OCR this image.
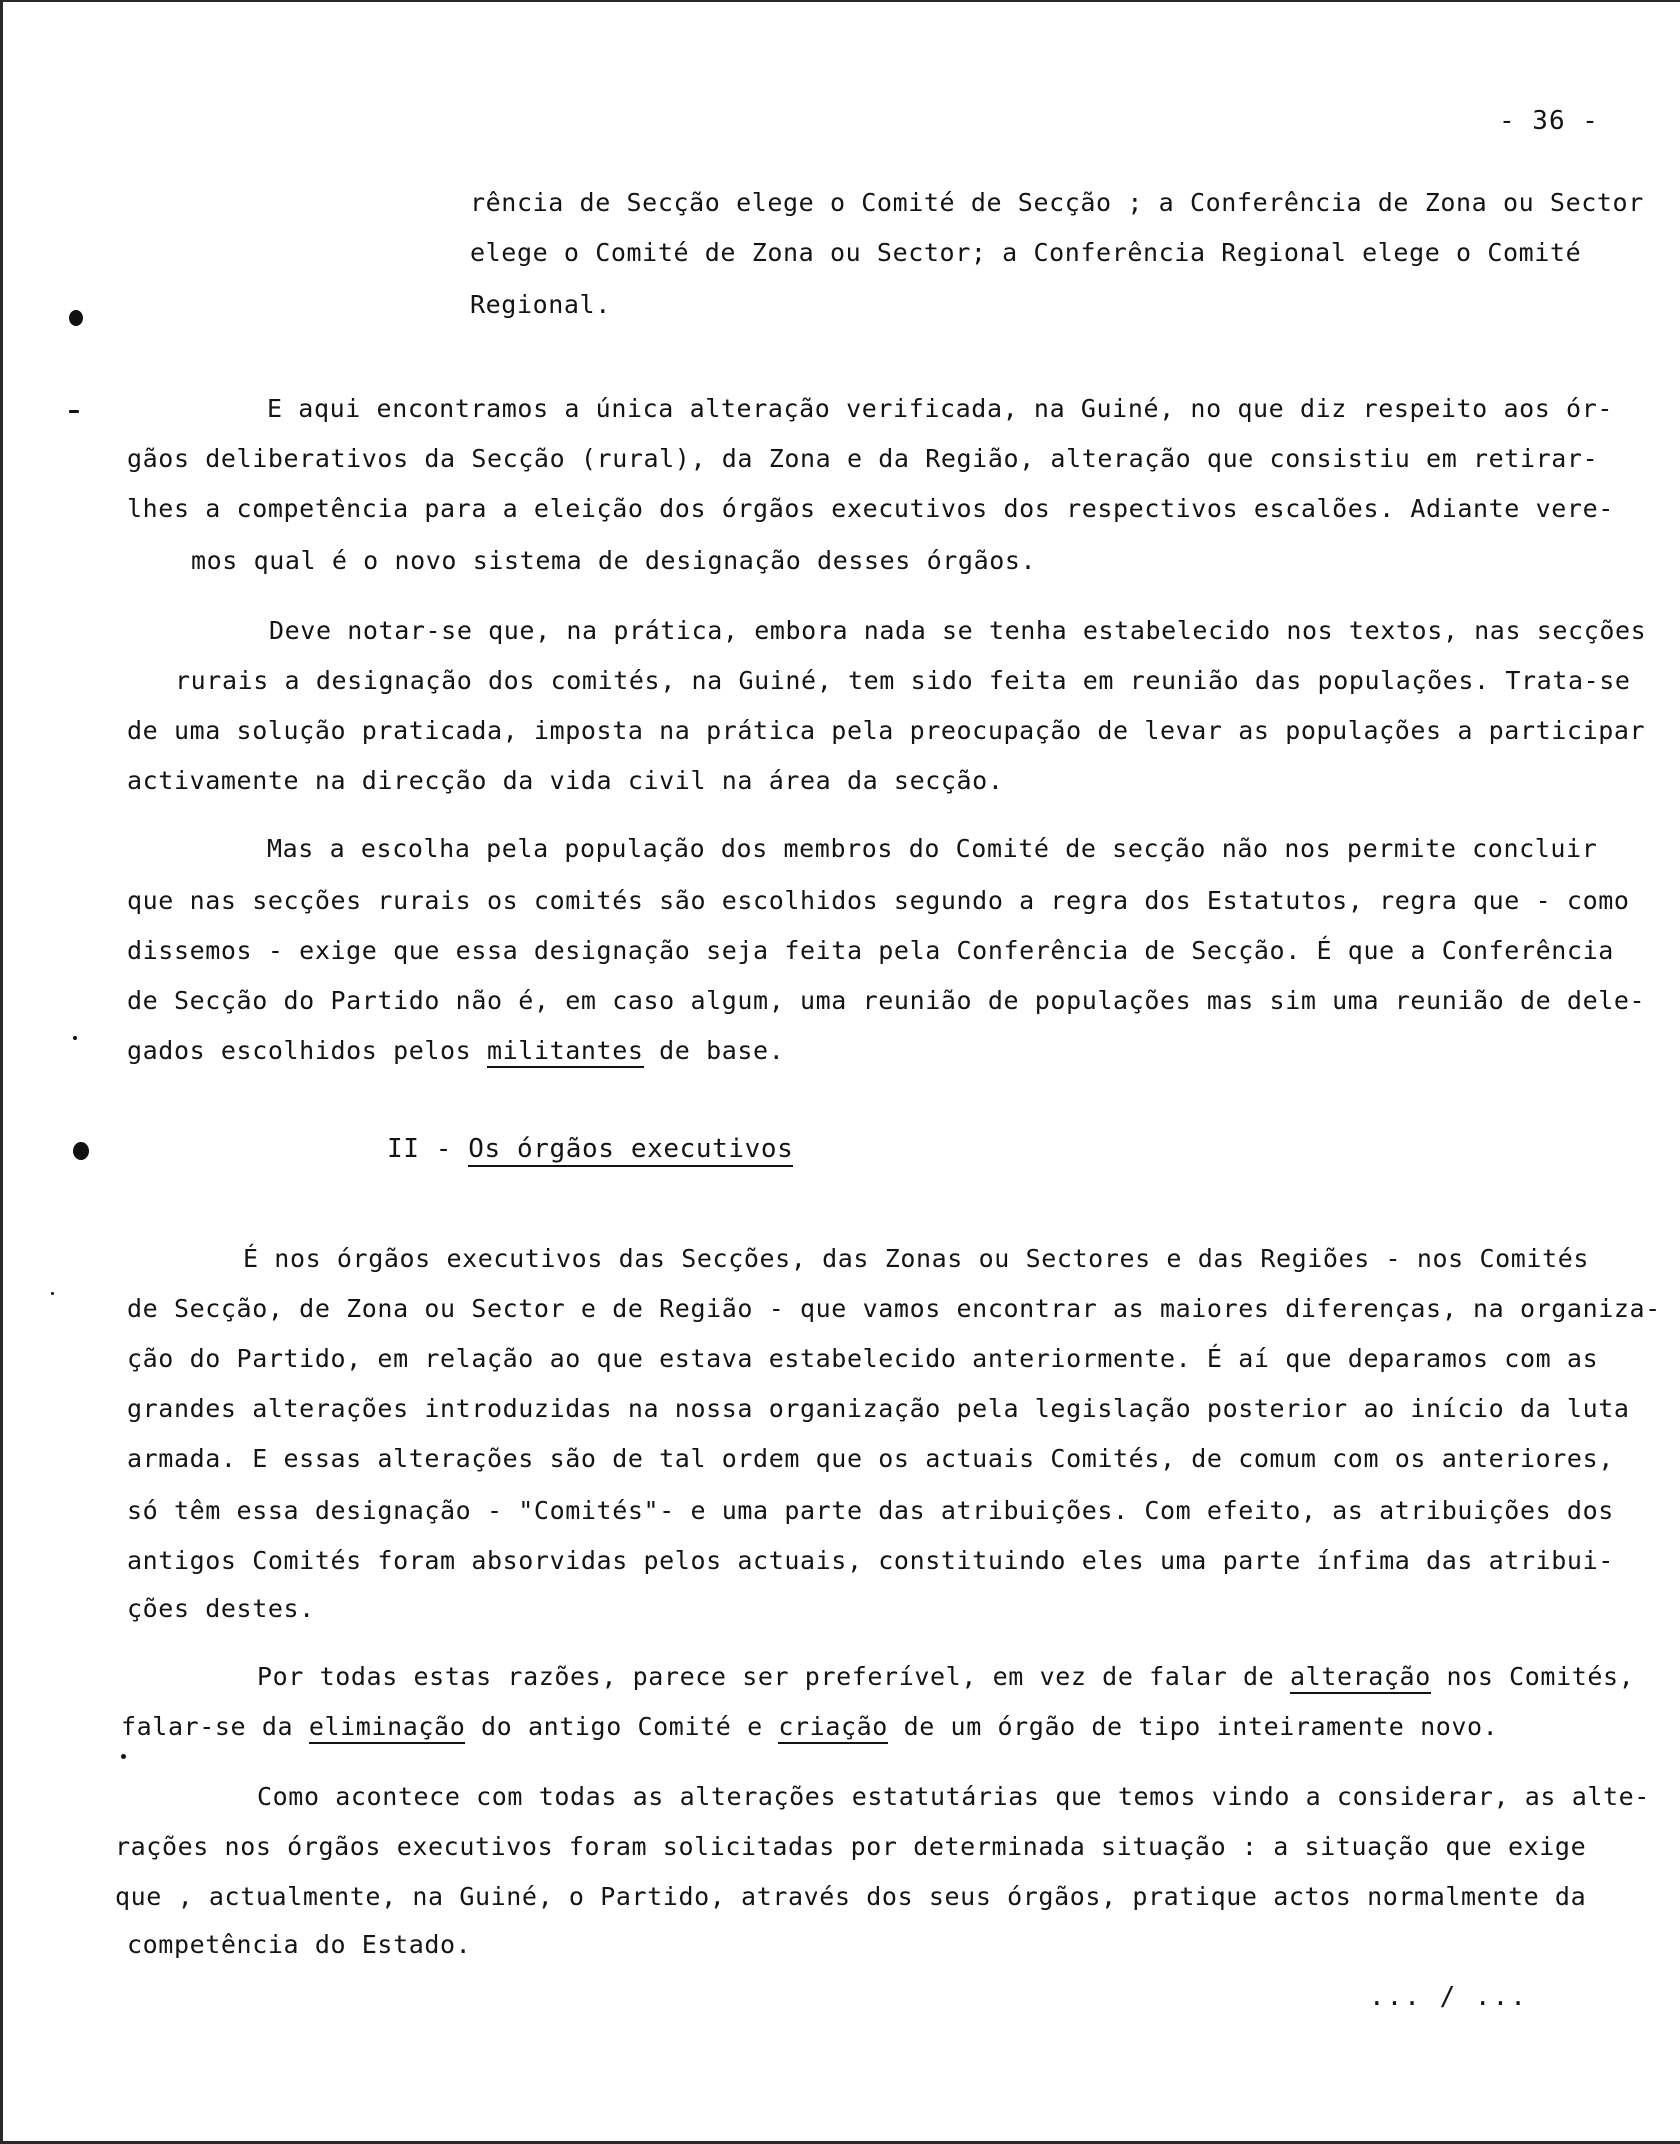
- 36 -
rência de Secção elege o Comité de Secção ; a Conferência de Zona ou Sector
elege o Comité de Zona ou Sector; a Conferência Regional elege o Comité
Regional.
E aqui encontramos a única alteração verificada, na Guiné, no que diz respeito aos ór-
gãos deliberativos da Secção (rural), da Zona e da Região, alteração que consistiu em retirar-
lhes a competência para a eleição dos órgãos executivos dos respectivos escalões. Adiante vere-
mos qual é o novo sistema de designação desses órgãos.
Deve notar-se que, na prática, embora nada se tenha estabelecido nos textos, nas secções
rurais a designação dos comités, na Guiné, tem sido feita em reunião das populações. Trata-se
de uma solução praticada, imposta na prática pela preocupação de levar as populações a participar
activamente na direcção da vida civil na área da secção.
Mas a escolha pela população dos membros do Comité de secção não nos permite concluir
que nas secções rurais os comités são escolhidos segundo a regra dos Estatutos, regra que - como
dissemos - exige que essa designação seja feita pela Conferência de Secção. É que a Conferência
de Secção do Partido não é, em caso algum, uma reunião de populações mas sim uma reunião de dele-
gados escolhidos pelos militantes de base.
II - Os órgãos executivos
É nos órgãos executivos das Secções, das Zonas ou Sectores e das Regiões - nos Comités
de Secção, de Zona ou Sector e de Região - que vamos encontrar as maiores diferenças, na organiza-
ção do Partido, em relação ao que estava estabelecido anteriormente. É aí que deparamos com as
grandes alterações introduzidas na nossa organização pela legislação posterior ao início da luta
armada. E essas alterações são de tal ordem que os actuais Comités, de comum com os anteriores,
só têm essa designação - "Comités"- e uma parte das atribuições. Com efeito, as atribuições dos
antigos Comités foram absorvidas pelos actuais, constituindo eles uma parte ínfima das atribui-
ções destes.
Por todas estas razões, parece ser preferível, em vez de falar de alteração nos Comités,
falar-se da eliminação do antigo Comité e criação de um órgão de tipo inteiramente novo.
Como acontece com todas as alterações estatutárias que temos vindo a considerar, as alte-
rações nos órgãos executivos foram solicitadas por determinada situação : a situação que exige
que , actualmente, na Guiné, o Partido, através dos seus órgãos, pratique actos normalmente da
competência do Estado.
... / ...
